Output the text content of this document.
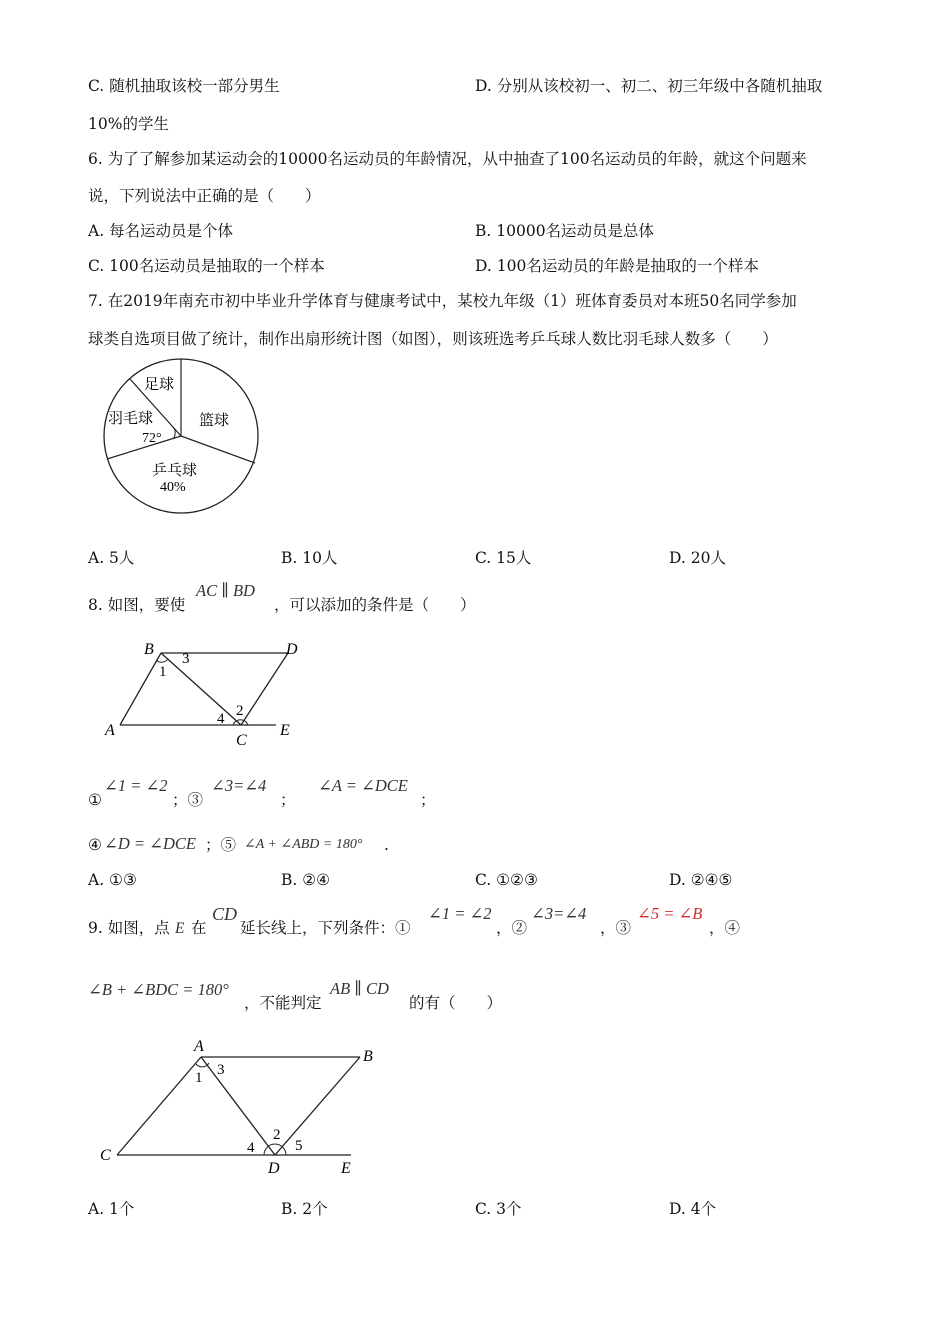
C. 随机抽取该校一部分男生	D. 分别从该校初一、初二、初三年级中各随机抽取
10%的学生
6. 为了了解参加某运动会的10000名运动员的年龄情况，从中抽查了100名运动员的年龄，就这个问题来
说，下列说法中正确的是（　　）
A. 每名运动员是个体	B. 10000名运动员是总体
C. 100名运动员是抽取的一个样本	D. 100名运动员的年龄是抽取的一个样本
7. 在2019年南充市初中毕业升学体育与健康考试中，某校九年级（1）班体育委员对本班50名同学参加
球类自选项目做了统计，制作出扇形统计图（如图），则该班选考乒乓球人数比羽毛球人数多（　　）
足球
篮球
羽毛球
72°
乒乓球
40%
A. 5人	B. 10人	C. 15人	D. 20人
8. 如图，要使
AC ∥ BD
，可以添加的条件是（　　）
B	D
A
C
E
1
2
3
4
①
∠1 = ∠2
；③
∠3=∠4
；
∠A = ∠DCE
；
④ ∠D = ∠DCE ；⑤ ∠A + ∠ABD = 180° .
A. ①③	B. ②④	C. ①②③	D. ②④⑤
9. 如图，点 E 在
CD
延长线上，下列条件：①
∠1 = ∠2
，②
∠3=∠4
，③
∠5 = ∠B
，④
∠B + ∠BDC = 180°
，不能判定
AB ∥ CD
的有（　　）
A
B
C
D	E
1
2
3
4	5
A. 1个	B. 2个	C. 3个	D. 4个
